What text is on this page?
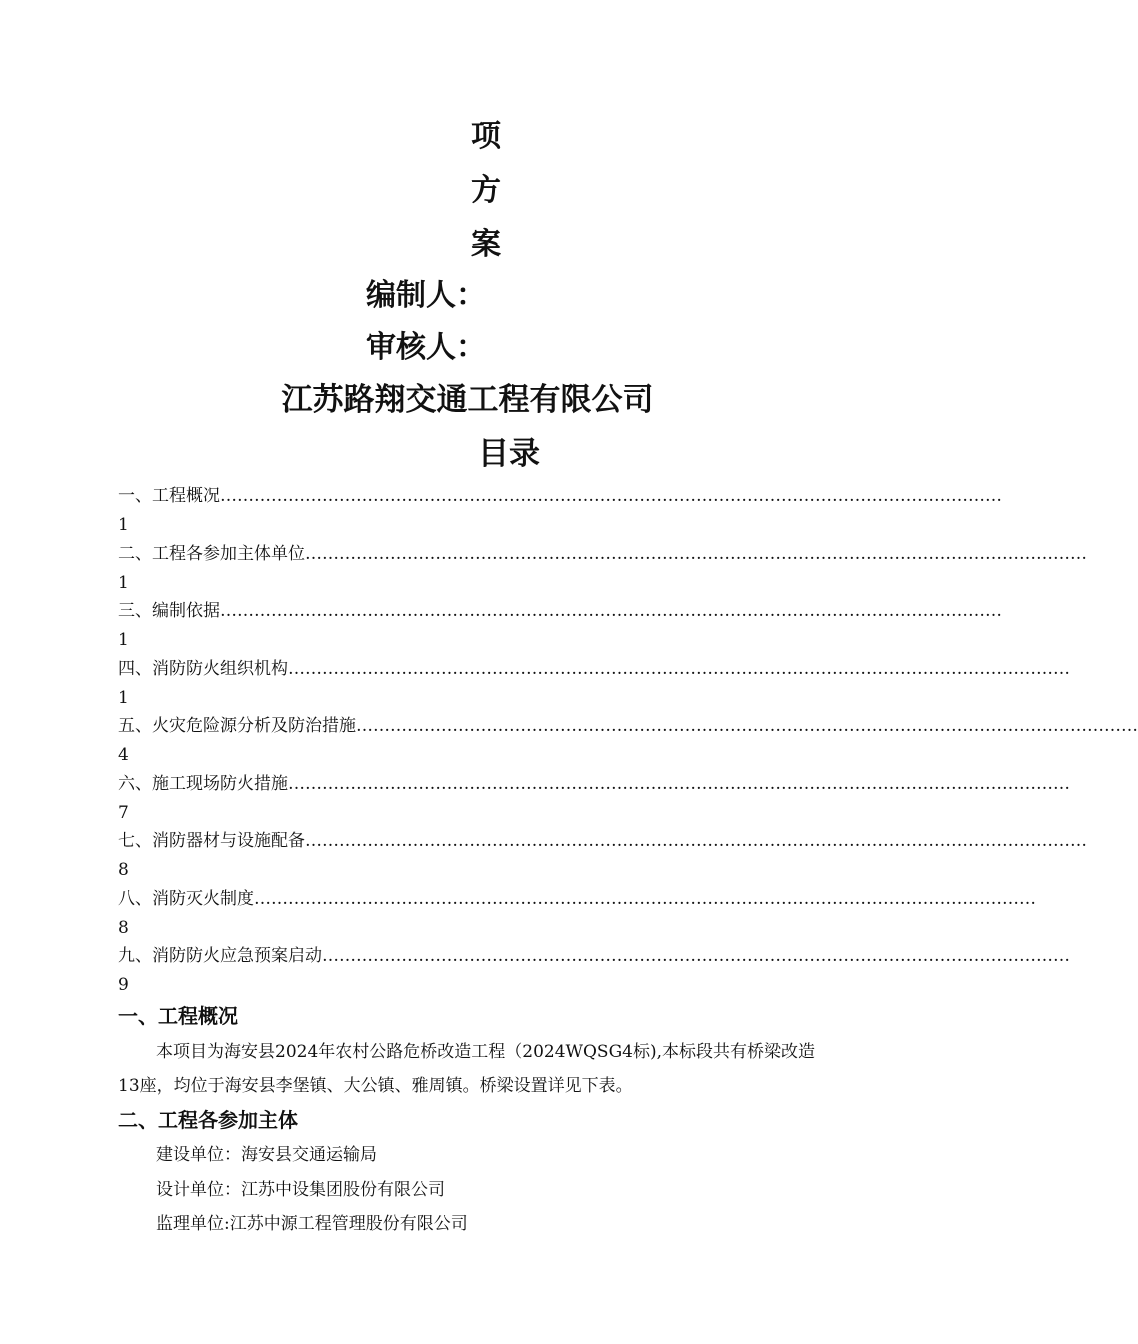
项
方
案
编制人：
审核人：
江苏路翔交通工程有限公司
目录
一、工程概况 …………………………………………………………………………………………………………………………
1
二、工程各参加主体单位 …………………………………………………………………………………………………………………………
1
三、编制依据 …………………………………………………………………………………………………………………………
1
四、消防防火组织机构 …………………………………………………………………………………………………………………………
1
五、火灾危险源分析及防治措施 …………………………………………………………………………………………………………………………
4
六、施工现场防火措施 …………………………………………………………………………………………………………………………
7
七、消防器材与设施配备 …………………………………………………………………………………………………………………………
8
八、消防灭火制度 …………………………………………………………………………………………………………………………
8
九、消防防火应急预案启动 ……………………………………………………………………………………………………………………
9
一、工程概况
本项目为海安县2024年农村公路危桥改造工程（2024WQSG4标),本标段共有桥梁改造13座，均位于海安县李堡镇、大公镇、雅周镇。桥梁设置详见下表。
二、工程各参加主体
建设单位：海安县交通运输局
设计单位：江苏中设集团股份有限公司
监理单位:江苏中源工程管理股份有限公司
